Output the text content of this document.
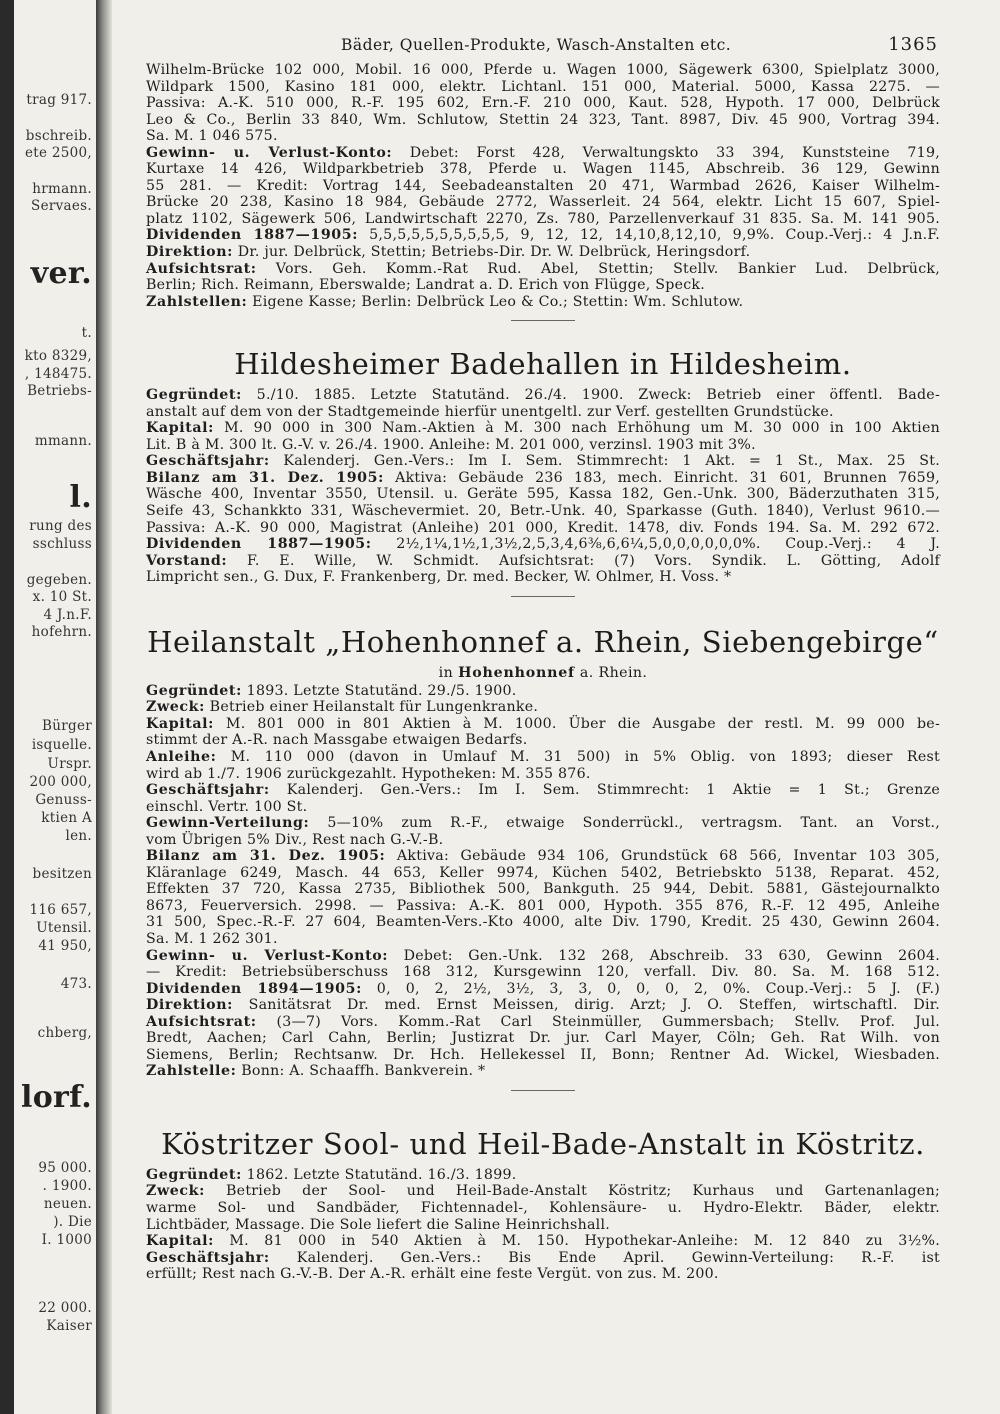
trag 917.
bschreib.
ete 2500,
hrmann.
Servaes.
ver.
t.
kto 8329,
, 148475.
Betriebs-
mmann.
l.
rung des
sschluss
gegeben.
x. 10 St.
4 J.n.F.
hofehrn.
Bürger
isquelle.
Urspr.
200 000,
Genuss-
ktien A
len.
besitzen
116 657,
Utensil.
41 950,
473.
chberg,
lorf.
95 000.
. 1900.
neuen.
). Die
I. 1000
22 000.
Kaiser
Bäder, Quellen-Produkte, Wasch-Anstalten etc.	1365

Wilhelm-Brücke 102 000, Mobil. 16 000, Pferde u. Wagen 1000, Sägewerk 6300, Spielplatz 3000,

Wildpark 1500, Kasino 181 000, elektr. Lichtanl. 151 000, Material. 5000, Kassa 2275. —

Passiva: A.-K. 510 000, R.-F. 195 602, Ern.-F. 210 000, Kaut. 528, Hypoth. 17 000, Delbrück

Leo & Co., Berlin 33 840, Wm. Schlutow, Stettin 24 323, Tant. 8987, Div. 45 900, Vortrag 394.

Sa. M. 1 046 575.

Gewinn- u. Verlust-Konto: Debet: Forst 428, Verwaltungskto 33 394, Kunststeine 719,

Kurtaxe 14 426, Wildparkbetrieb 378, Pferde u. Wagen 1145, Abschreib. 36 129, Gewinn

55 281. — Kredit: Vortrag 144, Seebadeanstalten 20 471, Warmbad 2626, Kaiser Wilhelm-

Brücke 20 238, Kasino 18 984, Gebäude 2772, Wasserleit. 24 564, elektr. Licht 15 607, Spiel-

platz 1102, Sägewerk 506, Landwirtschaft 2270, Zs. 780, Parzellenverkauf 31 835. Sa. M. 141 905.

Dividenden 1887—1905: 5,5,5,5,5,5,5,5,5,5, 9, 12, 12, 14,10,8,12,10, 9,9%. Coup.-Verj.: 4 J.n.F.

Direktion: Dr. jur. Delbrück, Stettin; Betriebs-Dir. Dr. W. Delbrück, Heringsdorf.

Aufsichtsrat: Vors. Geh. Komm.-Rat Rud. Abel, Stettin; Stellv. Bankier Lud. Delbrück,

Berlin; Rich. Reimann, Eberswalde; Landrat a. D. Erich von Flügge, Speck.

Zahlstellen: Eigene Kasse; Berlin: Delbrück Leo & Co.; Stettin: Wm. Schlutow.

Hildesheimer Badehallen in Hildesheim.

Gegründet: 5./10. 1885. Letzte Statutänd. 26./4. 1900. Zweck: Betrieb einer öffentl. Bade-

anstalt auf dem von der Stadtgemeinde hierfür unentgeltl. zur Verf. gestellten Grundstücke.

Kapital: M. 90 000 in 300 Nam.-Aktien à M. 300 nach Erhöhung um M. 30 000 in 100 Aktien

Lit. B à M. 300 lt. G.-V. v. 26./4. 1900. Anleihe: M. 201 000, verzinsl. 1903 mit 3%.

Geschäftsjahr: Kalenderj. Gen.-Vers.: Im I. Sem. Stimmrecht: 1 Akt. = 1 St., Max. 25 St.

Bilanz am 31. Dez. 1905: Aktiva: Gebäude 236 183, mech. Einricht. 31 601, Brunnen 7659,

Wäsche 400, Inventar 3550, Utensil. u. Geräte 595, Kassa 182, Gen.-Unk. 300, Bäderzuthaten 315,

Seife 43, Schankkto 331, Wäschevermiet. 20, Betr.-Unk. 40, Sparkasse (Guth. 1840), Verlust 9610.—

Passiva: A.-K. 90 000, Magistrat (Anleihe) 201 000, Kredit. 1478, div. Fonds 194. Sa. M. 292 672.

Dividenden 1887—1905: 2½,1¼,1½,1,3½,2,5,3,4,6⅜,6,6¼,5,0,0,0,0,0,0%. Coup.-Verj.: 4 J.

Vorstand: F. E. Wille, W. Schmidt. Aufsichtsrat: (7) Vors. Syndik. L. Götting, Adolf

Limpricht sen., G. Dux, F. Frankenberg, Dr. med. Becker, W. Ohlmer, H. Voss. *

Heilanstalt „Hohenhonnef a. Rhein, Siebengebirge“
in Hohenhonnef a. Rhein.

Gegründet: 1893. Letzte Statutänd. 29./5. 1900.

Zweck: Betrieb einer Heilanstalt für Lungenkranke.

Kapital: M. 801 000 in 801 Aktien à M. 1000. Über die Ausgabe der restl. M. 99 000 be-

stimmt der A.-R. nach Massgabe etwaigen Bedarfs.

Anleihe: M. 110 000 (davon in Umlauf M. 31 500) in 5% Oblig. von 1893; dieser Rest

wird ab 1./7. 1906 zurückgezahlt. Hypotheken: M. 355 876.

Geschäftsjahr: Kalenderj. Gen.-Vers.: Im I. Sem. Stimmrecht: 1 Aktie = 1 St.; Grenze

einschl. Vertr. 100 St.

Gewinn-Verteilung: 5—10% zum R.-F., etwaige Sonderrückl., vertragsm. Tant. an Vorst.,

vom Übrigen 5% Div., Rest nach G.-V.-B.

Bilanz am 31. Dez. 1905: Aktiva: Gebäude 934 106, Grundstück 68 566, Inventar 103 305,

Kläranlage 6249, Masch. 44 653, Keller 9974, Küchen 5402, Betriebskto 5138, Reparat. 452,

Effekten 37 720, Kassa 2735, Bibliothek 500, Bankguth. 25 944, Debit. 5881, Gästejournalkto

8673, Feuerversich. 2998. — Passiva: A.-K. 801 000, Hypoth. 355 876, R.-F. 12 495, Anleihe

31 500, Spec.-R.-F. 27 604, Beamten-Vers.-Kto 4000, alte Div. 1790, Kredit. 25 430, Gewinn 2604.

Sa. M. 1 262 301.

Gewinn- u. Verlust-Konto: Debet: Gen.-Unk. 132 268, Abschreib. 33 630, Gewinn 2604.

— Kredit: Betriebsüberschuss 168 312, Kursgewinn 120, verfall. Div. 80. Sa. M. 168 512.

Dividenden 1894—1905: 0, 0, 2, 2½, 3½, 3, 3, 0, 0, 0, 2, 0%. Coup.-Verj.: 5 J. (F.)

Direktion: Sanitätsrat Dr. med. Ernst Meissen, dirig. Arzt; J. O. Steffen, wirtschaftl. Dir.

Aufsichtsrat: (3—7) Vors. Komm.-Rat Carl Steinmüller, Gummersbach; Stellv. Prof. Jul.

Bredt, Aachen; Carl Cahn, Berlin; Justizrat Dr. jur. Carl Mayer, Cöln; Geh. Rat Wilh. von

Siemens, Berlin; Rechtsanw. Dr. Hch. Hellekessel II, Bonn; Rentner Ad. Wickel, Wiesbaden.

Zahlstelle: Bonn: A. Schaaffh. Bankverein. *

Köstritzer Sool- und Heil-Bade-Anstalt in Köstritz.

Gegründet: 1862. Letzte Statutänd. 16./3. 1899.

Zweck: Betrieb der Sool- und Heil-Bade-Anstalt Köstritz; Kurhaus und Gartenanlagen;

warme Sol- und Sandbäder, Fichtennadel-, Kohlensäure- u. Hydro-Elektr. Bäder, elektr.

Lichtbäder, Massage. Die Sole liefert die Saline Heinrichshall.

Kapital: M. 81 000 in 540 Aktien à M. 150. Hypothekar-Anleihe: M. 12 840 zu 3½%.

Geschäftsjahr: Kalenderj. Gen.-Vers.: Bis Ende April. Gewinn-Verteilung: R.-F. ist

erfüllt; Rest nach G.-V.-B. Der A.-R. erhält eine feste Vergüt. von zus. M. 200.
